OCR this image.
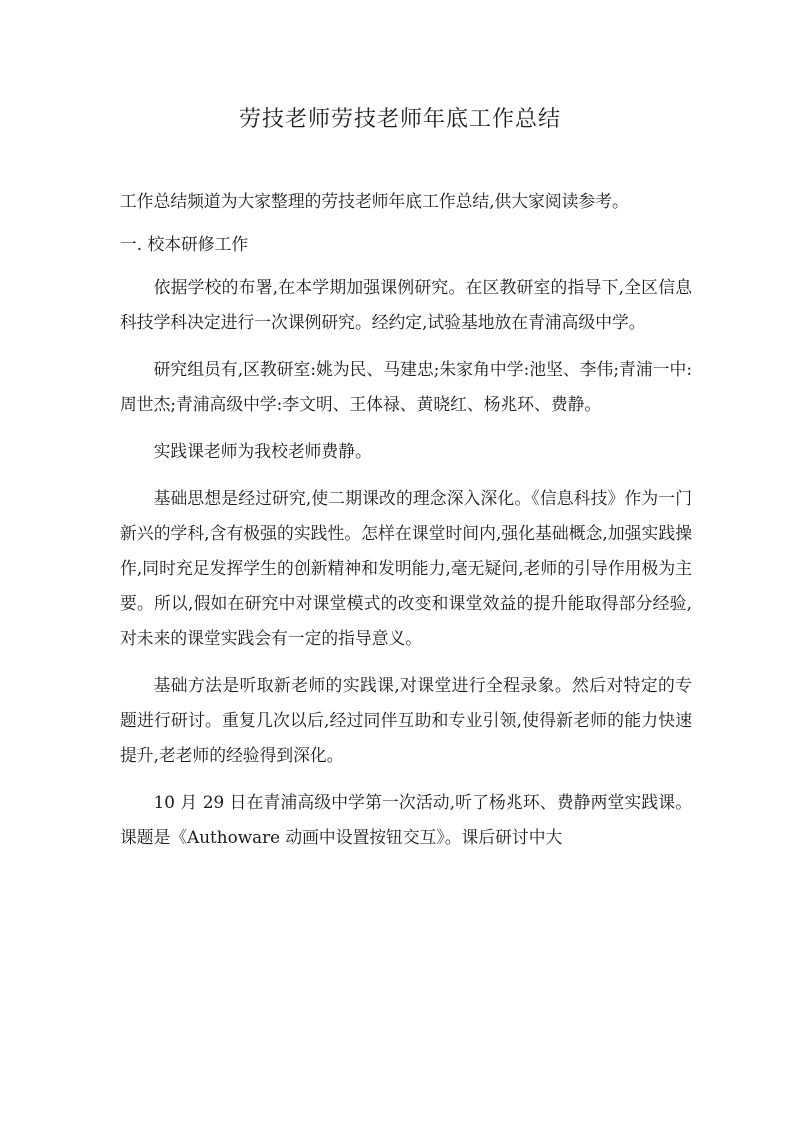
劳技老师劳技老师年底工作总结

工作总结频道为大家整理的劳技老师年底工作总结,供大家阅读参考。

一. 校本研修工作

依据学校的布署,在本学期加强课例研究。在区教研室的指导下,全区信息科技学科决定进行一次课例研究。经约定,试验基地放在青浦高级中学。

研究组员有,区教研室:姚为民、马建忠;朱家角中学:池坚、李伟;青浦一中:周世杰;青浦高级中学:李文明、王体禄、黄晓红、杨兆环、费静。

实践课老师为我校老师费静。

基础思想是经过研究,使二期课改的理念深入深化。《信息科技》作为一门新兴的学科,含有极强的实践性。怎样在课堂时间内,强化基础概念,加强实践操作,同时充足发挥学生的创新精神和发明能力,毫无疑问,老师的引导作用极为主要。所以,假如在研究中对课堂模式的改变和课堂效益的提升能取得部分经验,对未来的课堂实践会有一定的指导意义。

基础方法是听取新老师的实践课,对课堂进行全程录象。然后对特定的专题进行研讨。重复几次以后,经过同伴互助和专业引领,使得新老师的能力快速提升,老老师的经验得到深化。

10 月 29 日在青浦高级中学第一次活动,听了杨兆环、费静两堂实践课。课题是《Authoware 动画中设置按钮交互》。课后研讨中大
